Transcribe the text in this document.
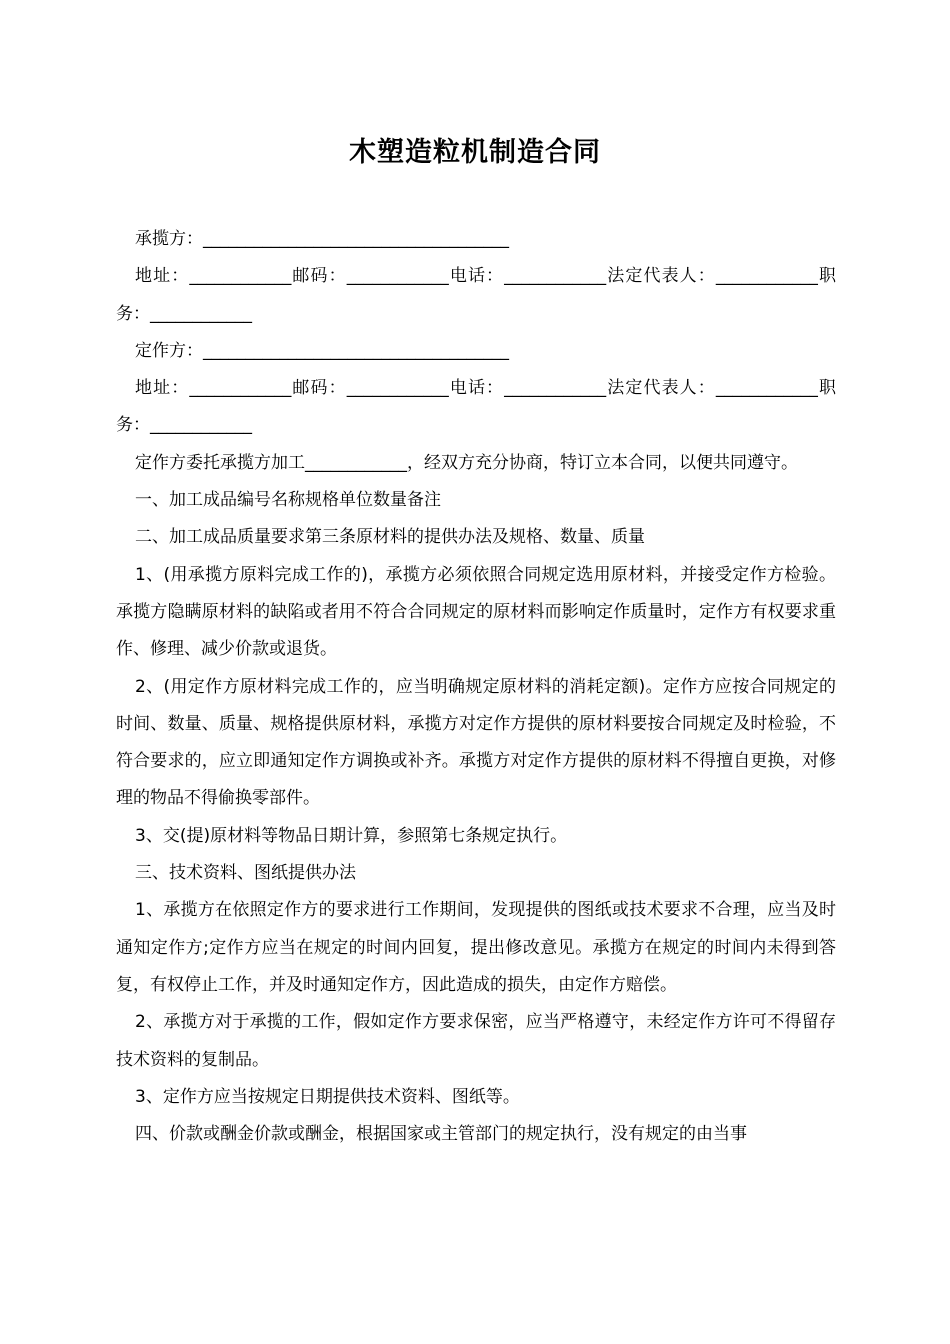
木塑造粒机制造合同

承揽方：____________________________________

地址：____________邮码：____________电话：____________法定代表人：____________职务：____________

定作方：____________________________________

地址：____________邮码：____________电话：____________法定代表人：____________职务：____________

定作方委托承揽方加工____________，经双方充分协商，特订立本合同，以便共同遵守。

一、加工成品编号名称规格单位数量备注

二、加工成品质量要求第三条原材料的提供办法及规格、数量、质量

1、(用承揽方原料完成工作的)，承揽方必须依照合同规定选用原材料，并接受定作方检验。承揽方隐瞒原材料的缺陷或者用不符合合同规定的原材料而影响定作质量时，定作方有权要求重作、修理、减少价款或退货。

2、(用定作方原材料完成工作的，应当明确规定原材料的消耗定额)。定作方应按合同规定的时间、数量、质量、规格提供原材料，承揽方对定作方提供的原材料要按合同规定及时检验，不符合要求的，应立即通知定作方调换或补齐。承揽方对定作方提供的原材料不得擅自更换，对修理的物品不得偷换零部件。

3、交(提)原材料等物品日期计算，参照第七条规定执行。

三、技术资料、图纸提供办法

1、承揽方在依照定作方的要求进行工作期间，发现提供的图纸或技术要求不合理，应当及时通知定作方;定作方应当在规定的时间内回复，提出修改意见。承揽方在规定的时间内未得到答复，有权停止工作，并及时通知定作方，因此造成的损失，由定作方赔偿。

2、承揽方对于承揽的工作，假如定作方要求保密，应当严格遵守，未经定作方许可不得留存技术资料的复制品。

3、定作方应当按规定日期提供技术资料、图纸等。

四、价款或酬金价款或酬金，根据国家或主管部门的规定执行，没有规定的由当事
